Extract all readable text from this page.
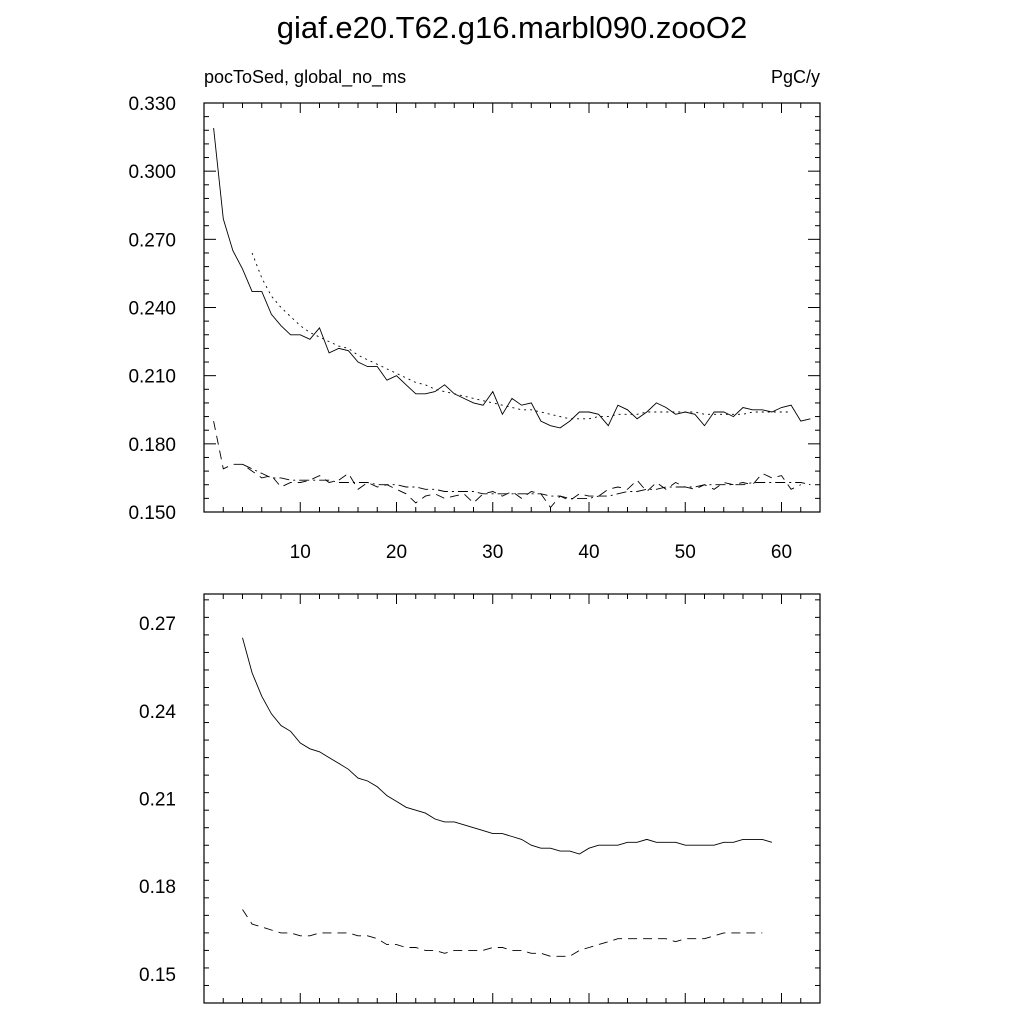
giaf.e20.T62.g16.marbl090.zooO2
pocToSed, global_no_ms	PgC/y
0.150
0.180
0.210
0.240
0.270
0.300
0.330
10	20	30	40	50	60
0.15
0.18
0.21
0.24
0.27
